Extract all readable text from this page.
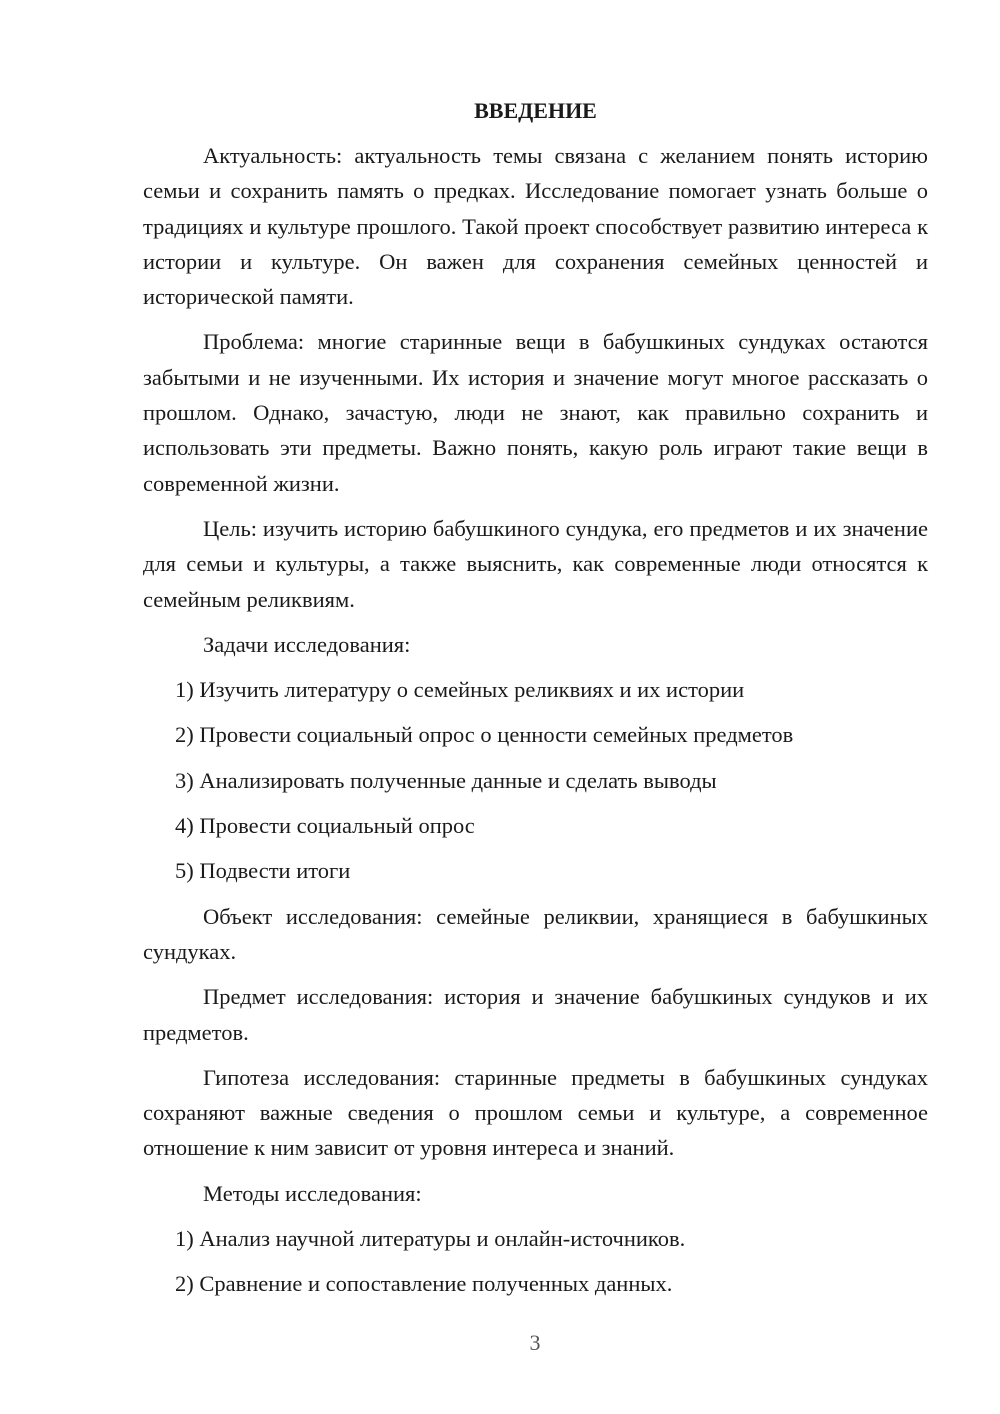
ВВЕДЕНИЕ

Актуальность: актуальность темы связана с желанием понять историю семьи и сохранить память о предках. Исследование помогает узнать больше о традициях и культуре прошлого. Такой проект способствует развитию интереса к истории и культуре. Он важен для сохранения семейных ценностей и исторической памяти.

Проблема: многие старинные вещи в бабушкиных сундуках остаются забытыми и не изученными. Их история и значение могут многое рассказать о прошлом. Однако, зачастую, люди не знают, как правильно сохранить и использовать эти предметы. Важно понять, какую роль играют такие вещи в современной жизни.

Цель: изучить историю бабушкиного сундука, его предметов и их значение для семьи и культуры, а также выяснить, как современные люди относятся к семейным реликвиям.

Задачи исследования:

1) Изучить литературу о семейных реликвиях и их истории
2) Провести социальный опрос о ценности семейных предметов
3) Анализировать полученные данные и сделать выводы
4) Провести социальный опрос
5) Подвести итоги

Объект исследования: семейные реликвии, хранящиеся в бабушкиных сундуках.

Предмет исследования: история и значение бабушкиных сундуков и их предметов.

Гипотеза исследования: старинные предметы в бабушкиных сундуках сохраняют важные сведения о прошлом семьи и культуре, а современное отношение к ним зависит от уровня интереса и знаний.

Методы исследования:

1) Анализ научной литературы и онлайн-источников.
2) Сравнение и сопоставление полученных данных.
3
